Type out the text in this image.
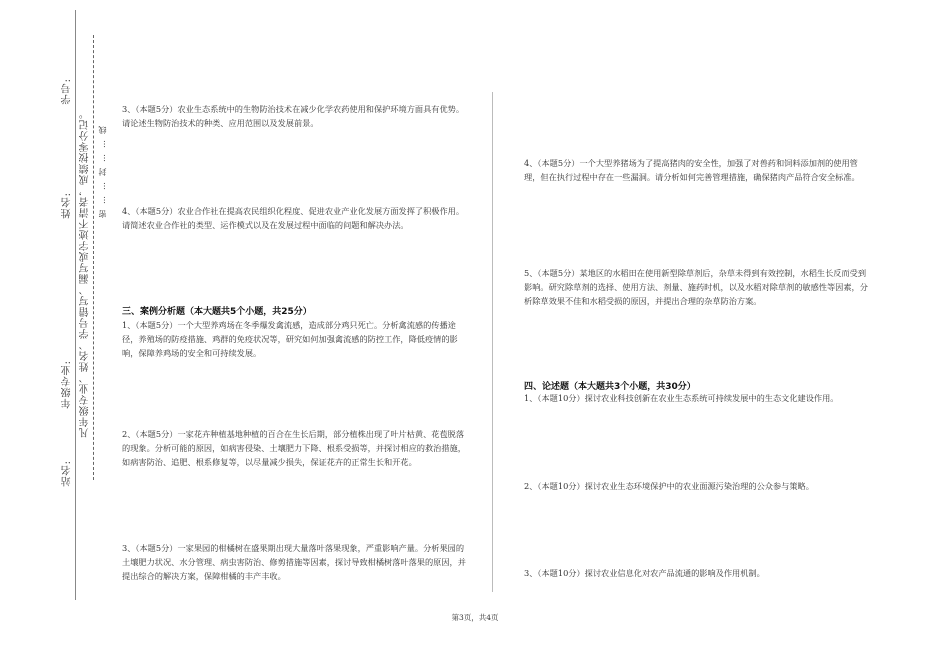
学号:
姓名:
年级专业:
站名:
凡年级专业、姓名、学号错写、漏写或字迹不清者，成绩按零分记。 密……封……线
3、（本题5分）农业生态系统中的生物防治技术在减少化学农药使用和保护环境方面具有优势。请论述生物防治技术的种类、应用范围以及发展前景。
4、（本题5分）农业合作社在提高农民组织化程度、促进农业产业化发展方面发挥了积极作用。请简述农业合作社的类型、运作模式以及在发展过程中面临的问题和解决办法。
三、案例分析题（本大题共5个小题，共25分）
1、（本题5分）一个大型养鸡场在冬季爆发禽流感，造成部分鸡只死亡。分析禽流感的传播途径，养殖场的防疫措施、鸡群的免疫状况等，研究如何加强禽流感的防控工作，降低疫情的影响，保障养鸡场的安全和可持续发展。
2、（本题5分）一家花卉种植基地种植的百合在生长后期，部分植株出现了叶片枯黄、花苞脱落的现象。分析可能的原因，如病害侵染、土壤肥力下降、根系受损等，并探讨相应的救治措施，如病害防治、追肥、根系修复等，以尽量减少损失，保证花卉的正常生长和开花。
3、（本题5分）一家果园的柑橘树在盛果期出现大量落叶落果现象，严重影响产量。分析果园的土壤肥力状况、水分管理、病虫害防治、修剪措施等因素，探讨导致柑橘树落叶落果的原因，并提出综合的解决方案，保障柑橘的丰产丰收。
4、（本题5分）一个大型养猪场为了提高猪肉的安全性，加强了对兽药和饲料添加剂的使用管理，但在执行过程中存在一些漏洞。请分析如何完善管理措施，确保猪肉产品符合安全标准。
5、（本题5分）某地区的水稻田在使用新型除草剂后，杂草未得到有效控制，水稻生长反而受到影响。研究除草剂的选择、使用方法、剂量、施药时机，以及水稻对除草剂的敏感性等因素，分析除草效果不佳和水稻受损的原因，并提出合理的杂草防治方案。
四、论述题（本大题共3个小题，共30分）
1、（本题10分）探讨农业科技创新在农业生态系统可持续发展中的生态文化建设作用。
2、（本题10分）探讨农业生态环境保护中的农业面源污染治理的公众参与策略。
3、（本题10分）探讨农业信息化对农产品流通的影响及作用机制。
第3页，共4页
